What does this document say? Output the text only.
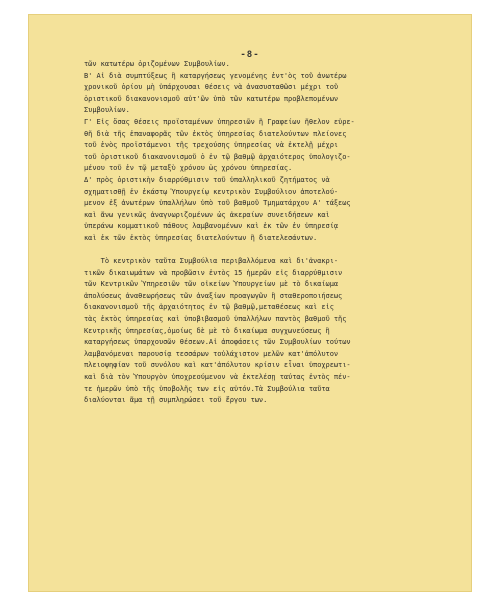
-8-
τῶν κατωτέρω ὁριζομένων Συμβουλίων.
Β' Αἱ διὰ συμπτύξεως ἢ καταργήσεως γενομένης ἐντ'ὸς τοῦ ἀνωτέρω
χρονικοῦ ὁρίου μὴ ὑπάρχουσαι θέσεις νὰ ἀνασυσταθῶσι μέχρι τοῦ
ὁριστικοῦ διακανονισμοῦ αὐτ'ῶν ὑπὸ τῶν κατωτέρω προβλεπομένων
Συμβουλίων.
Γ' Εἰς ὅσας θέσεις προϊσταμένων ὑπηρεσιῶν ἢ Γραφείων ἤθελον εὑρε-
θῆ διὰ τῆς ἐπαναφορᾶς τῶν ἐκτὸς ὑπηρεσίας διατελούντων πλείονες
τοῦ ἑνὸς προϊστάμενοι τῆς τρεχούσης ὑπηρεσίας νὰ ἐκτελῇ μέχρι
τοῦ ὁριστικοῦ διακανονισμοῦ ὁ ἐν τῷ βαθμῷ ἀρχαιότερος ὑπολογιζο-
μένου τοῦ ἐν τῷ μεταξὺ χρόνου ὡς χρόνου ὑπηρεσίας.
Δ' πρὸς ὁριστικὴν διαρρύθμισιν τοῦ ὑπαλληλικοῦ ζητήματος νὰ
σχηματισθῇ ἐν ἑκάστῳ Ὑπουργείῳ κεντρικὸν Συμβούλιον ἀποτελού-
μενον ἐξ ἀνωτέρων ὑπαλλήλων ὑπὸ τοῦ βαθμοῦ Τμηματάρχου Α' τάξεως
καὶ ἄνω γενικῶς ἀναγνωριζομένων ὡς ἀκεραίων συνειδήσεων καὶ
ὑπεράνω κομματικοῦ πάθους λαμβανομένων καὶ ἐκ τῶν ἐν ὑπηρεσίᾳ
καὶ ἐκ τῶν ἐκτὸς ὑπηρεσίας διατελούντων ἢ διατελεσάντων.
Τὸ κεντρικὸν ταῦτα Συμβούλια περιβαλλόμενα καὶ δι'ἀνακρι-
τικῶν δικαιωμάτων νὰ προβῶσιν ἐντὸς 15 ἡμερῶν εἰς διαρρύθμισιν
τῶν Κεντρικῶν Ὑπηρεσιῶν τῶν οἰκείων Ὑπουργείων μὲ τὸ δικαίωμα
ἀπολύσεως ἀναθεωρήσεως τῶν ἀναξίων προαγωγῶν ἢ σταθεροποιήσεως
διακανονισμοῦ τῆς ἀρχαιότητος ἐν τῷ βαθμῷ,μεταθέσεως καὶ εἰς
τὰς ἐκτὸς ὑπηρεσίας καὶ ὑποβιβασμοῦ ὑπαλλήλων παντὸς βαθμοῦ τῆς
Κεντρικῆς ὑπηρεσίας,ὁμοίως δὲ μὲ τὸ δικαίωμα συγχωνεύσεως ἢ
καταργήσεως ὑπαρχουσῶν θέσεων.Αἱ ἀποφάσεις τῶν Συμβουλίων τούτων
λαμβανόμεναι παρουσίᾳ τεσσάρων τοὐλάχιστον μελῶν κατ'ἀπόλυτον
πλειοψηφίαν τοῦ συνόλου καὶ κατ'ἀπόλυτον κρίσιν εἶναι ὑποχρεωτι-
καὶ διὰ τὸν Ὑπουργὸν ὑποχρεούμενον νὰ ἐκτελέσῃ ταύτας ἐντὸς πέν-
τε ἡμερῶν ὑπὸ τῆς ὑποβολῆς των εἰς αὐτόν.Τὰ Συμβούλια ταῦτα
διαλύονται ἅμα τῇ συμπληρώσει τοῦ ἔργου των.
